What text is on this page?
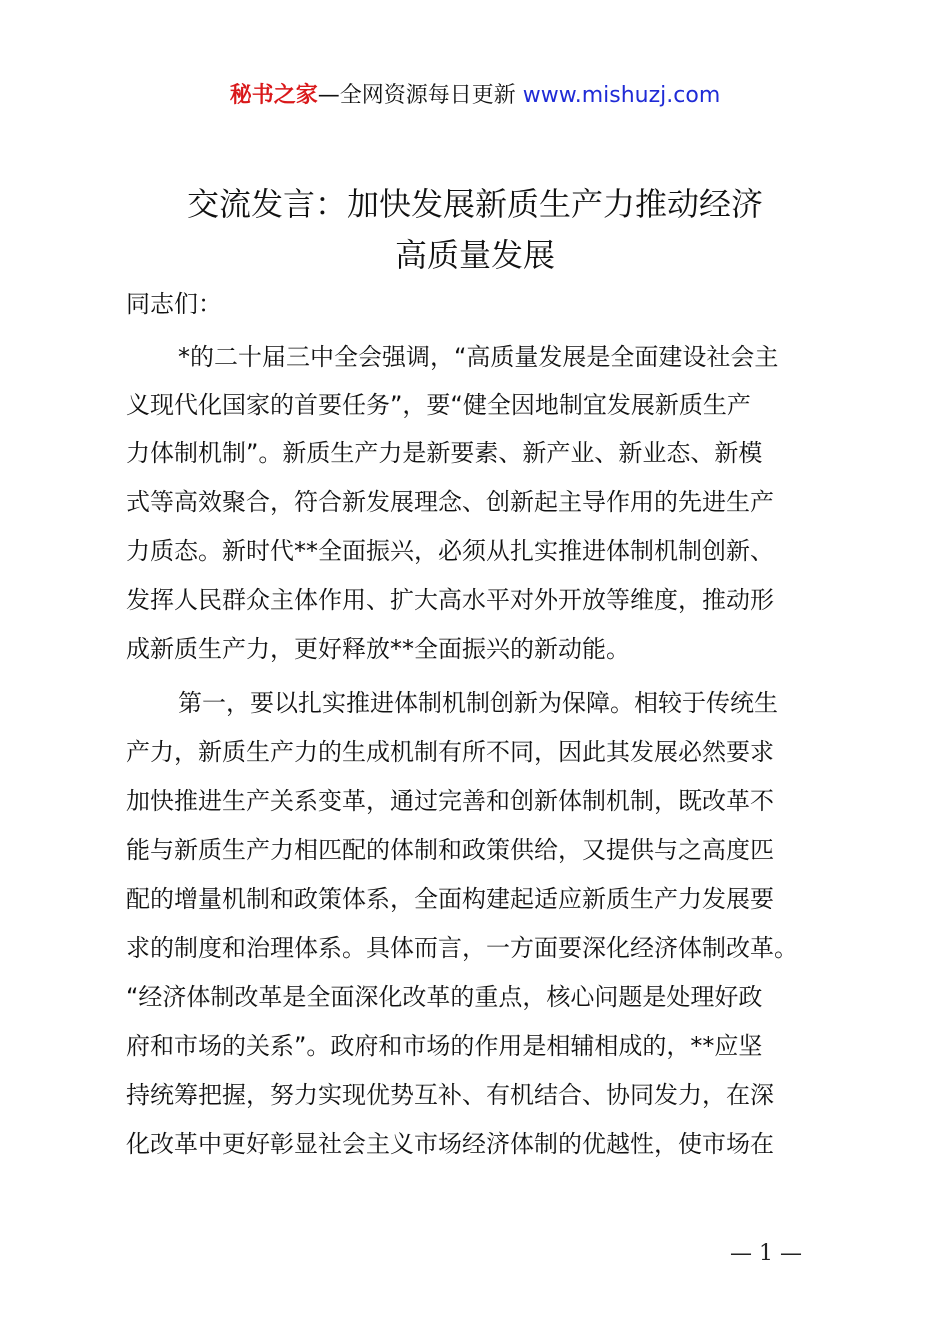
秘书之家—全网资源每日更新 www.mishuzj.com
交流发言：加快发展新质生产力推动经济
高质量发展
同志们：
*的二十届三中全会强调，“高质量发展是全面建设社会主
义现代化国家的首要任务”，要“健全因地制宜发展新质生产
力体制机制”。新质生产力是新要素、新产业、新业态、新模
式等高效聚合，符合新发展理念、创新起主导作用的先进生产
力质态。新时代**全面振兴，必须从扎实推进体制机制创新、
发挥人民群众主体作用、扩大高水平对外开放等维度，推动形
成新质生产力，更好释放**全面振兴的新动能。
第一，要以扎实推进体制机制创新为保障。相较于传统生
产力，新质生产力的生成机制有所不同，因此其发展必然要求
加快推进生产关系变革，通过完善和创新体制机制，既改革不
能与新质生产力相匹配的体制和政策供给，又提供与之高度匹
配的增量机制和政策体系，全面构建起适应新质生产力发展要
求的制度和治理体系。具体而言，一方面要深化经济体制改革。
“经济体制改革是全面深化改革的重点，核心问题是处理好政
府和市场的关系”。政府和市场的作用是相辅相成的，**应坚
持统筹把握，努力实现优势互补、有机结合、协同发力，在深
化改革中更好彰显社会主义市场经济体制的优越性，使市场在
— 1 —
